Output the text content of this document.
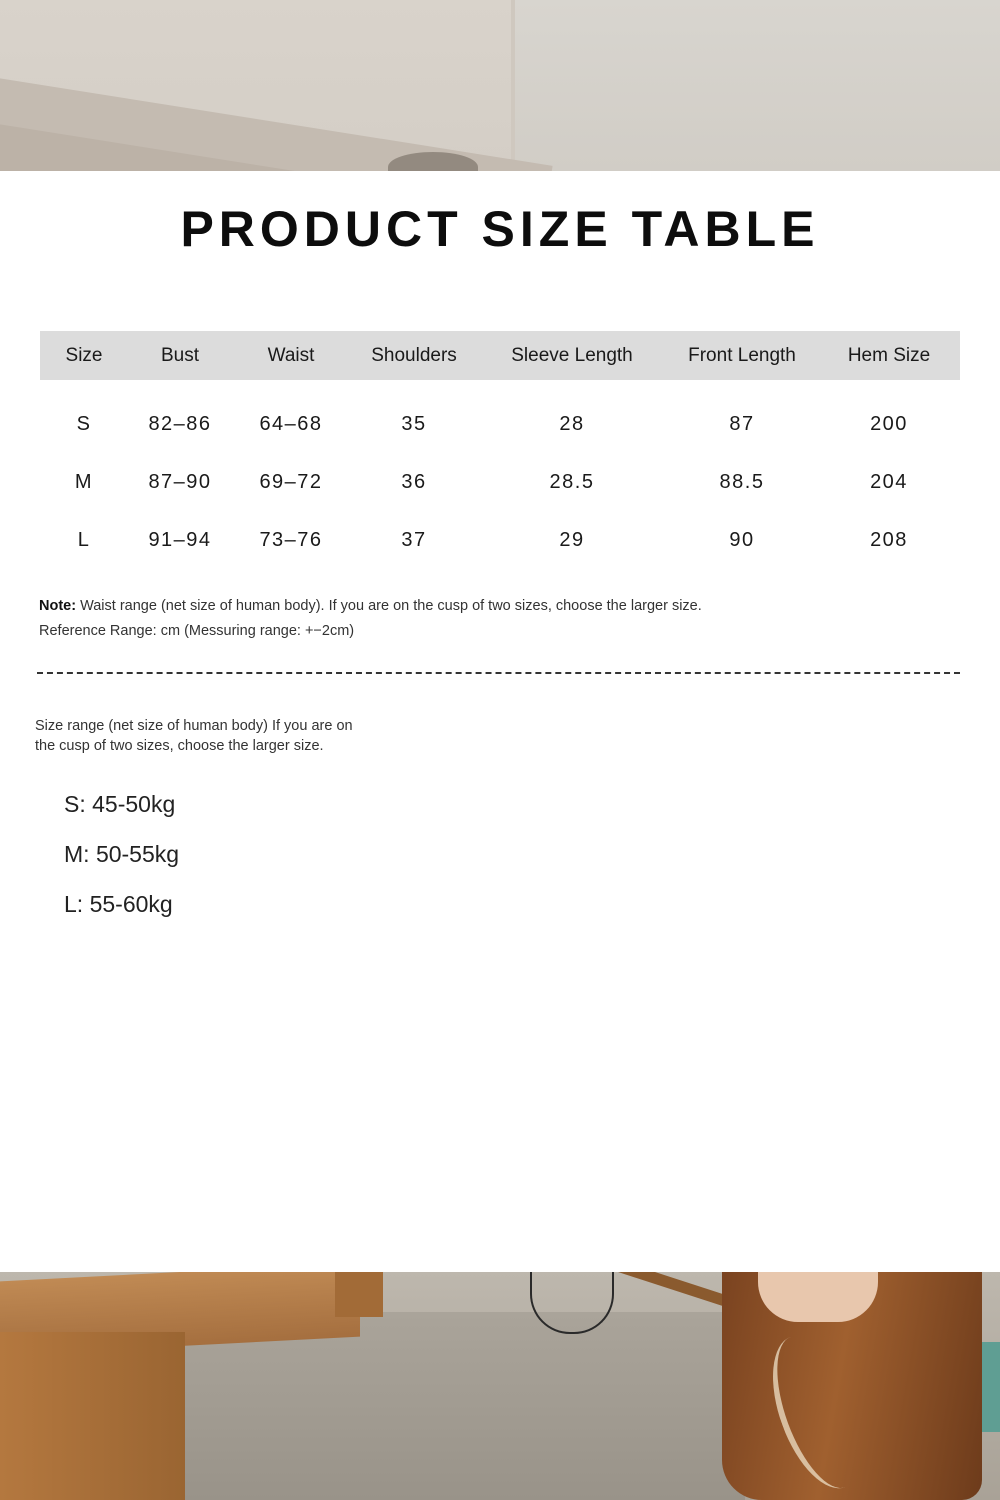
PRODUCT SIZE TABLE
Size	Bust	Waist	Shoulders	Sleeve Length	Front Length	Hem Size
S	82–86	64–68	35	28	87	200
M	87–90	69–72	36	28.5	88.5	204
L	91–94	73–76	37	29	90	208
Note: Waist range (net size of human body). If you are on the cusp of two sizes, choose the larger size.
Reference Range: cm (Messuring range: +−2cm)
Size range (net size of human body) If you are on the cusp of two sizes, choose the larger size.
S: 45-50kg
M: 50-55kg
L: 55-60kg
